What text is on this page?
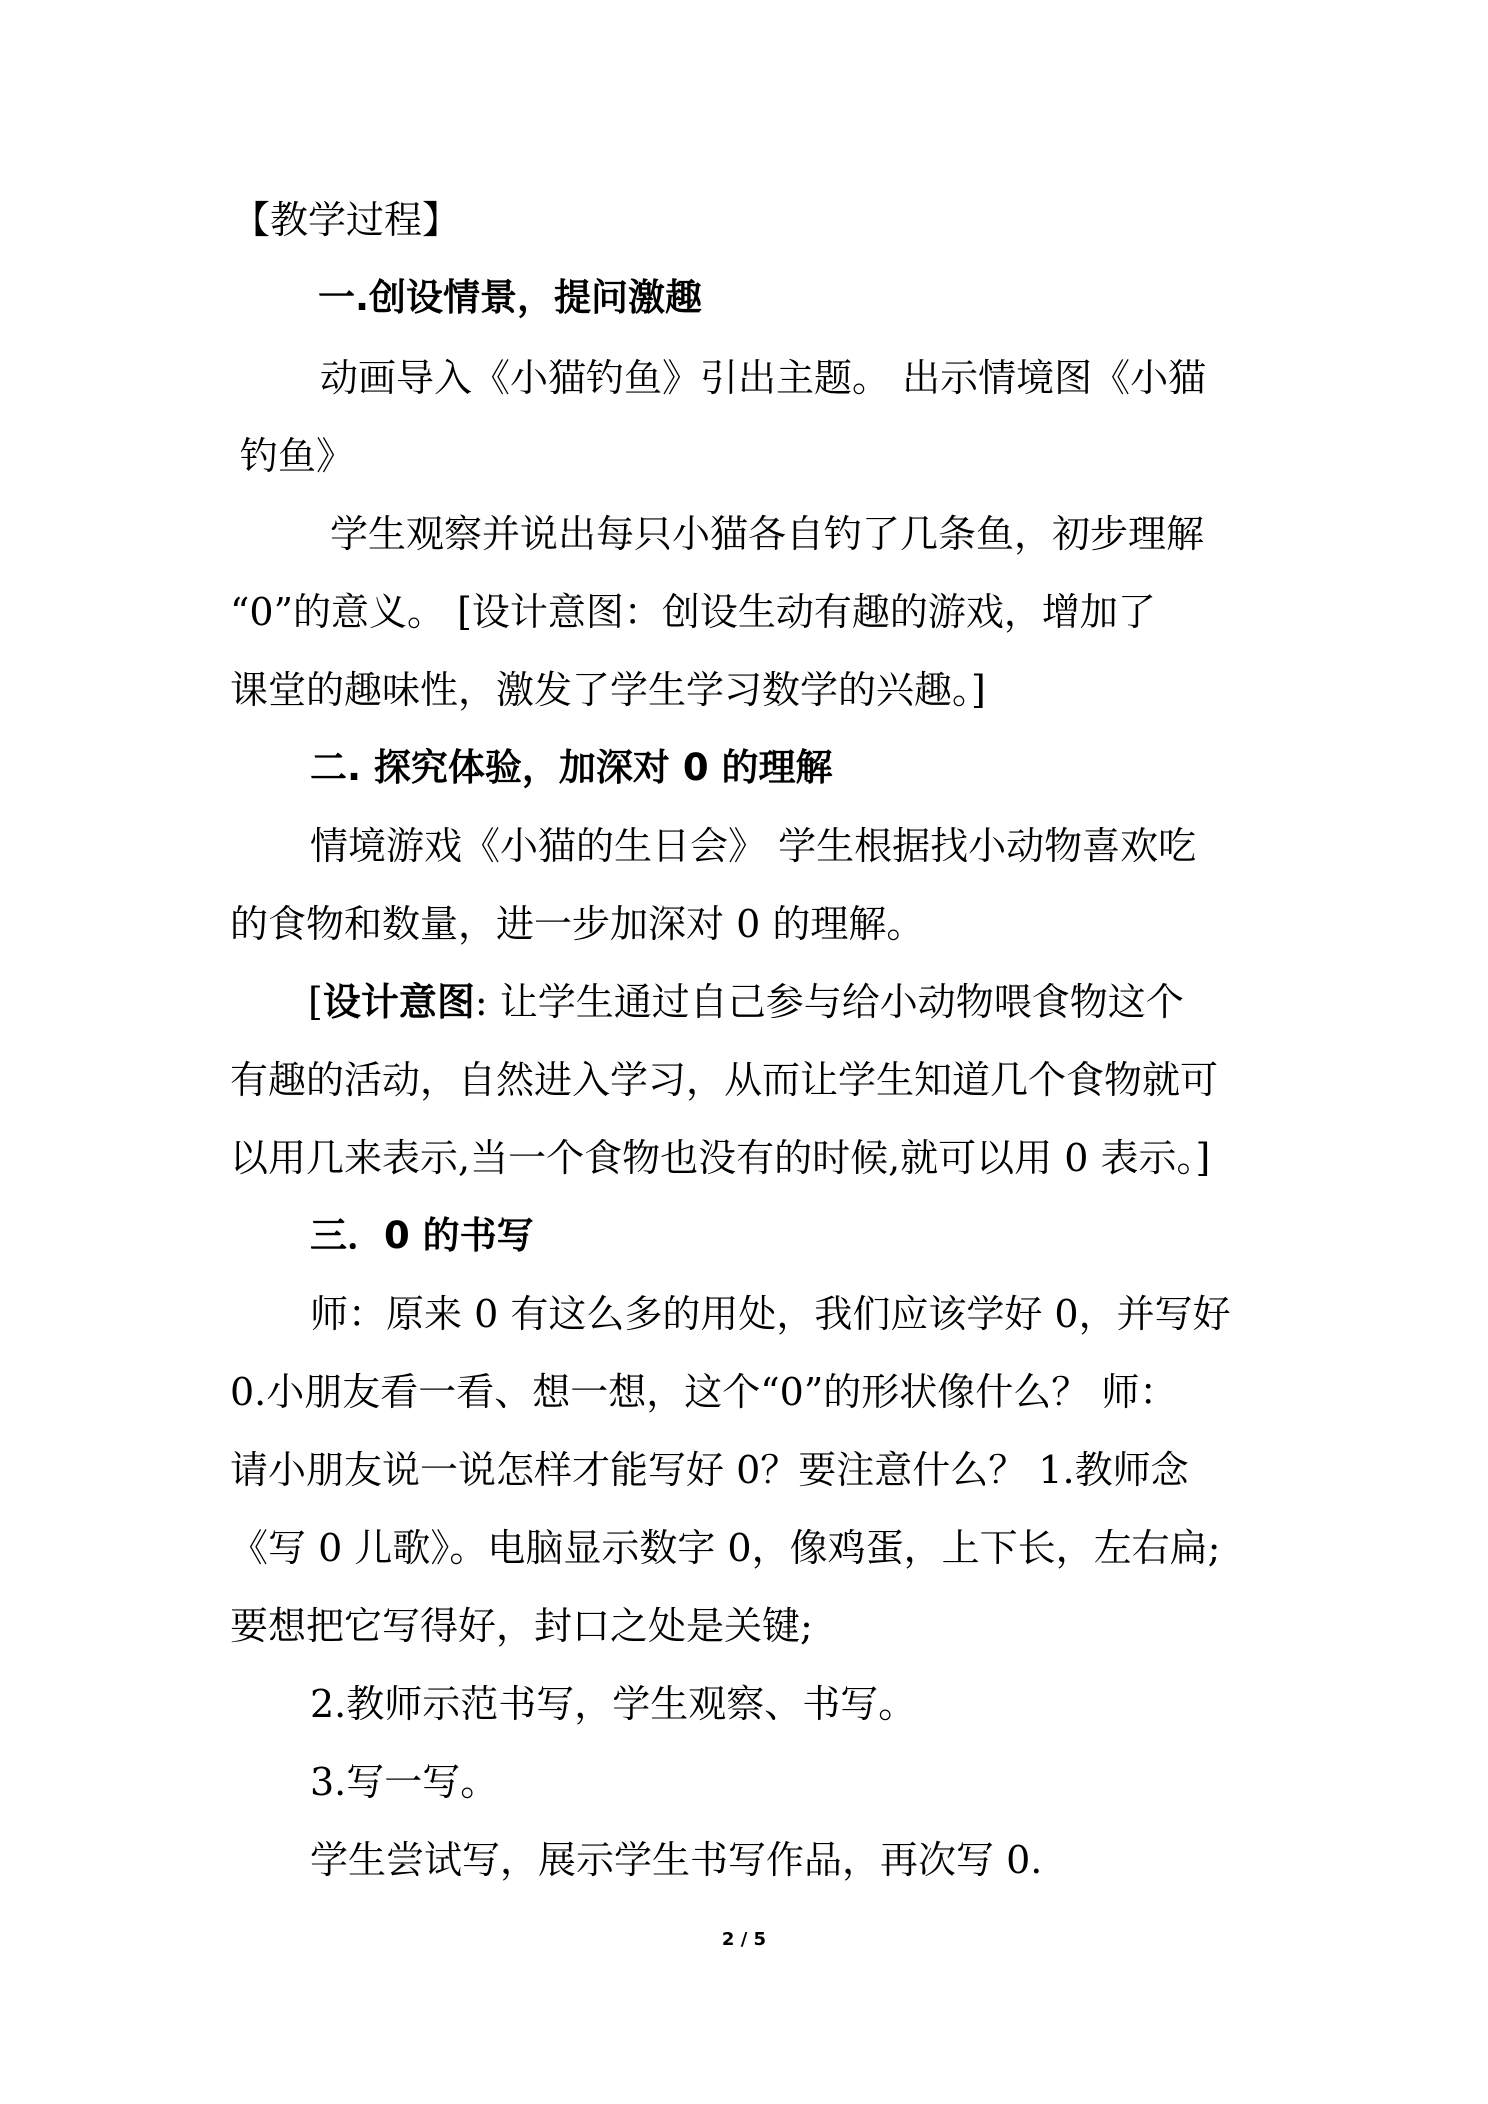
【教学过程】

一.创设情景，提问激趣

动画导入《小猫钓鱼》引出主题。 出示情境图《小猫

钓鱼》

学生观察并说出每只小猫各自钓了几条鱼，初步理解

“0”的意义。 [设计意图：创设生动有趣的游戏，增加了

课堂的趣味性，激发了学生学习数学的兴趣。]

二. 探究体验，加深对 0 的理解

情境游戏《小猫的生日会》 学生根据找小动物喜欢吃

的食物和数量，进一步加深对 0 的理解。

[设计意图: 让学生通过自己参与给小动物喂食物这个

有趣的活动，自然进入学习，从而让学生知道几个食物就可

以用几来表示,当一个食物也没有的时候,就可以用 0 表示。]

三．0 的书写

师：原来 0 有这么多的用处，我们应该学好 0，并写好

0.小朋友看一看、想一想，这个“0”的形状像什么？ 师：

请小朋友说一说怎样才能写好 0？要注意什么？ 1.教师念

《写 0 儿歌》。电脑显示数字 0，像鸡蛋，上下长，左右扁;

要想把它写得好，封口之处是关键;

2.教师示范书写，学生观察、书写。

3.写一写。

学生尝试写，展示学生书写作品，再次写 0.

2 / 5
